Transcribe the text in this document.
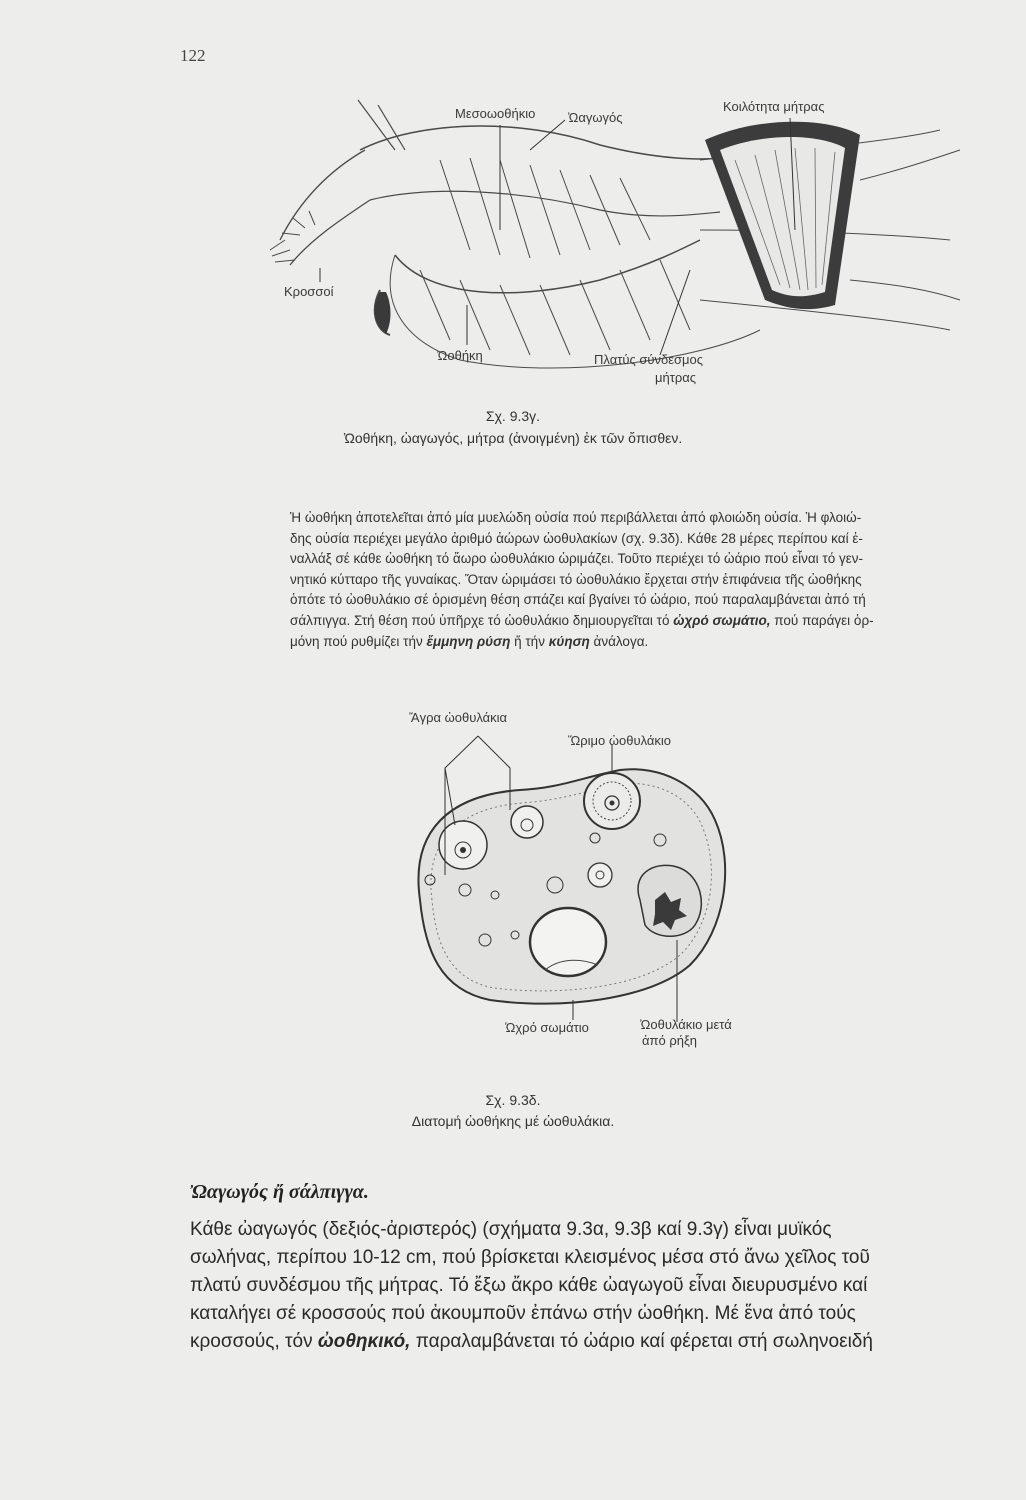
122
Μεσοωοθήκιο	Ὠαγωγός
Κοιλότητα μήτρας
Κροσσοί
Ὠοθήκη	Πλατύς σύνδεσμος
μήτρας
Σχ. 9.3γ.
Ὠοθήκη, ὠαγωγός, μήτρα (ἀνοιγμένη) ἐκ τῶν ὄπισθεν.
Ἡ ὠοθήκη ἀποτελεῖται ἀπό μία μυελώδη οὐσία πού περιβάλλεται ἀπό φλοιώδη οὐσία. Ἡ φλοιώ-
δης οὐσία περιέχει μεγάλο ἀριθμό ἀώρων ὠοθυλακίων (σχ. 9.3δ). Κάθε 28 μέρες περίπου καί ἐ-
ναλλάξ σέ κάθε ὠοθήκη τό ἄωρο ὠοθυλάκιο ὡριμάζει. Τοῦτο περιέχει τό ὠάριο πού εἶναι τό γεν-
νητικό κύτταρο τῆς γυναίκας. Ὅταν ὡριμάσει τό ὠοθυλάκιο ἔρχεται στήν ἐπιφάνεια τῆς ὠοθήκης
ὁπότε τό ὠοθυλάκιο σέ ὁρισμένη θέση σπάζει καί βγαίνει τό ὠάριο, πού παραλαμβάνεται ἀπό τή
σάλπιγγα. Στή θέση πού ὑπῆρχε τό ὠοθυλάκιο δημιουργεῖται τό ὠχρό σωμάτιο, πού παράγει ὁρ-
μόνη πού ρυθμίζει τήν ἔμμηνη ρύση ἤ τήν κύηση ἀνάλογα.
Ἄγρα ὠοθυλάκια
Ὥριμο ὠοθυλάκιο
Ὠχρό σωμάτιο	Ὠοθυλάκιο μετά
ἀπό ρήξη
Σχ. 9.3δ.
Διατομή ὠοθήκης μέ ὠοθυλάκια.
Ὠαγωγός ἤ σάλπιγγα.
Κάθε ὠαγωγός (δεξιός-ἀριστερός) (σχήματα 9.3α, 9.3β καί 9.3γ) εἶναι μυϊκός
σωλήνας, περίπου 10-12 cm, πού βρίσκεται κλεισμένος μέσα στό ἄνω χεῖλος τοῦ
πλατύ συνδέσμου τῆς μήτρας. Τό ἔξω ἄκρο κάθε ὠαγωγοῦ εἶναι διευρυσμένο καί
καταλήγει σέ κροσσούς πού ἀκουμποῦν ἐπάνω στήν ὠοθήκη. Μέ ἕνα ἀπό τούς
κροσσούς, τόν ὠοθηκικό, παραλαμβάνεται τό ὠάριο καί φέρεται στή σωληνοειδή
